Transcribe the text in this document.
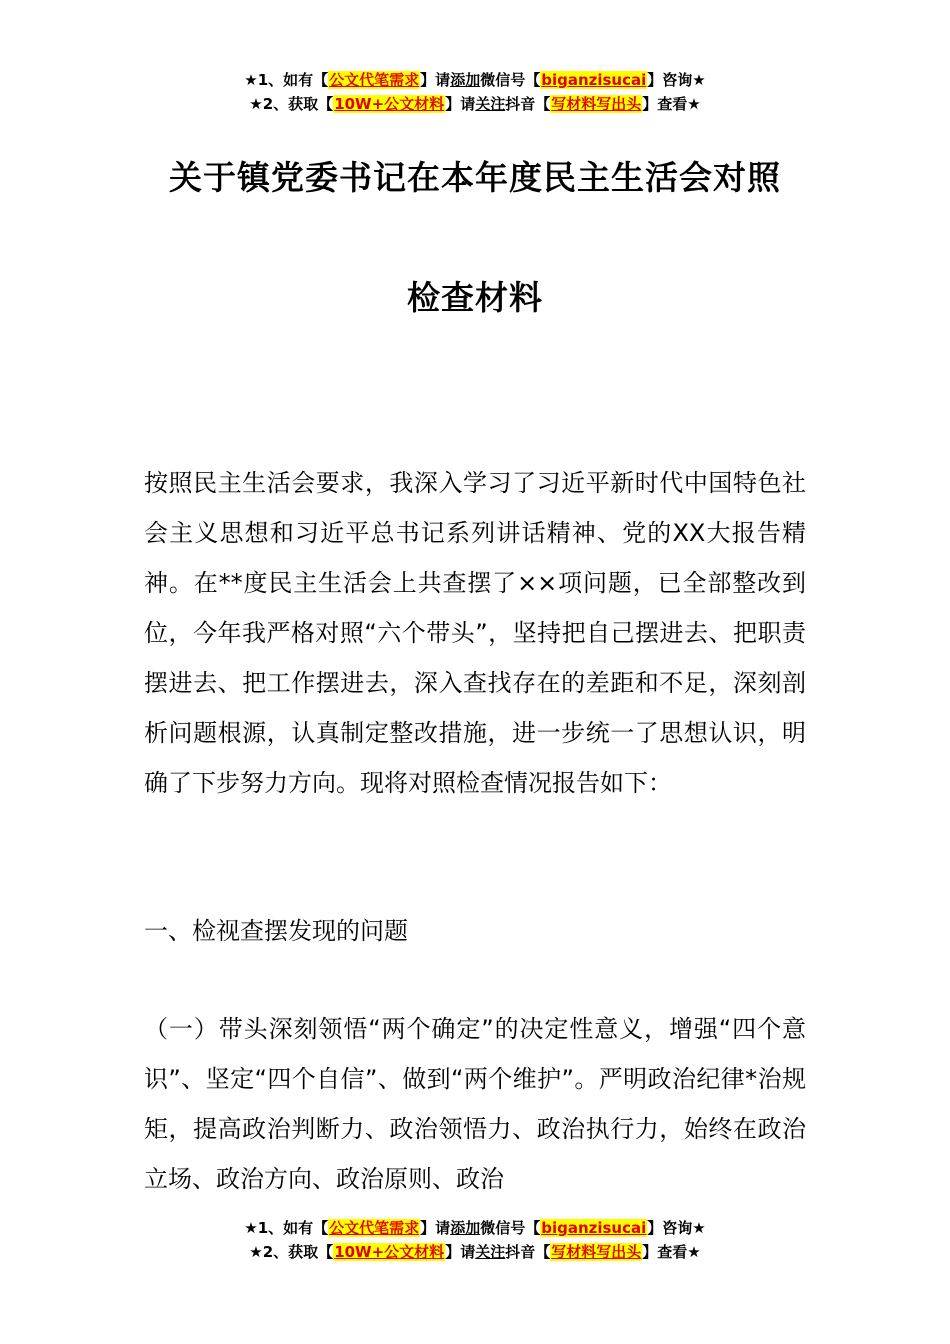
★1、如有【公文代笔需求】请添加微信号【biganzisucai】咨询★
★2、获取【10W+公文材料】请关注抖音【写材料写出头】查看★
关于镇党委书记在本年度民主生活会对照
检查材料

按照民主生活会要求，我深入学习了习近平新时代中国特色社会主义思想和习近平总书记系列讲话精神、党的XX大报告精神。在**度民主生活会上共查摆了××项问题，已全部整改到位，今年我严格对照“六个带头”，坚持把自己摆进去、把职责摆进去、把工作摆进去，深入查找存在的差距和不足，深刻剖析问题根源，认真制定整改措施，进一步统一了思想认识，明确了下步努力方向。现将对照检查情况报告如下：

一、检视查摆发现的问题

（一）带头深刻领悟“两个确定”的决定性意义，增强“四个意识”、坚定“四个自信”、做到“两个维护”。严明政治纪律*治规矩，提高政治判断力、政治领悟力、政治执行力，始终在政治立场、政治方向、政治原则、政治

★1、如有【公文代笔需求】请添加微信号【biganzisucai】咨询★
★2、获取【10W+公文材料】请关注抖音【写材料写出头】查看★
